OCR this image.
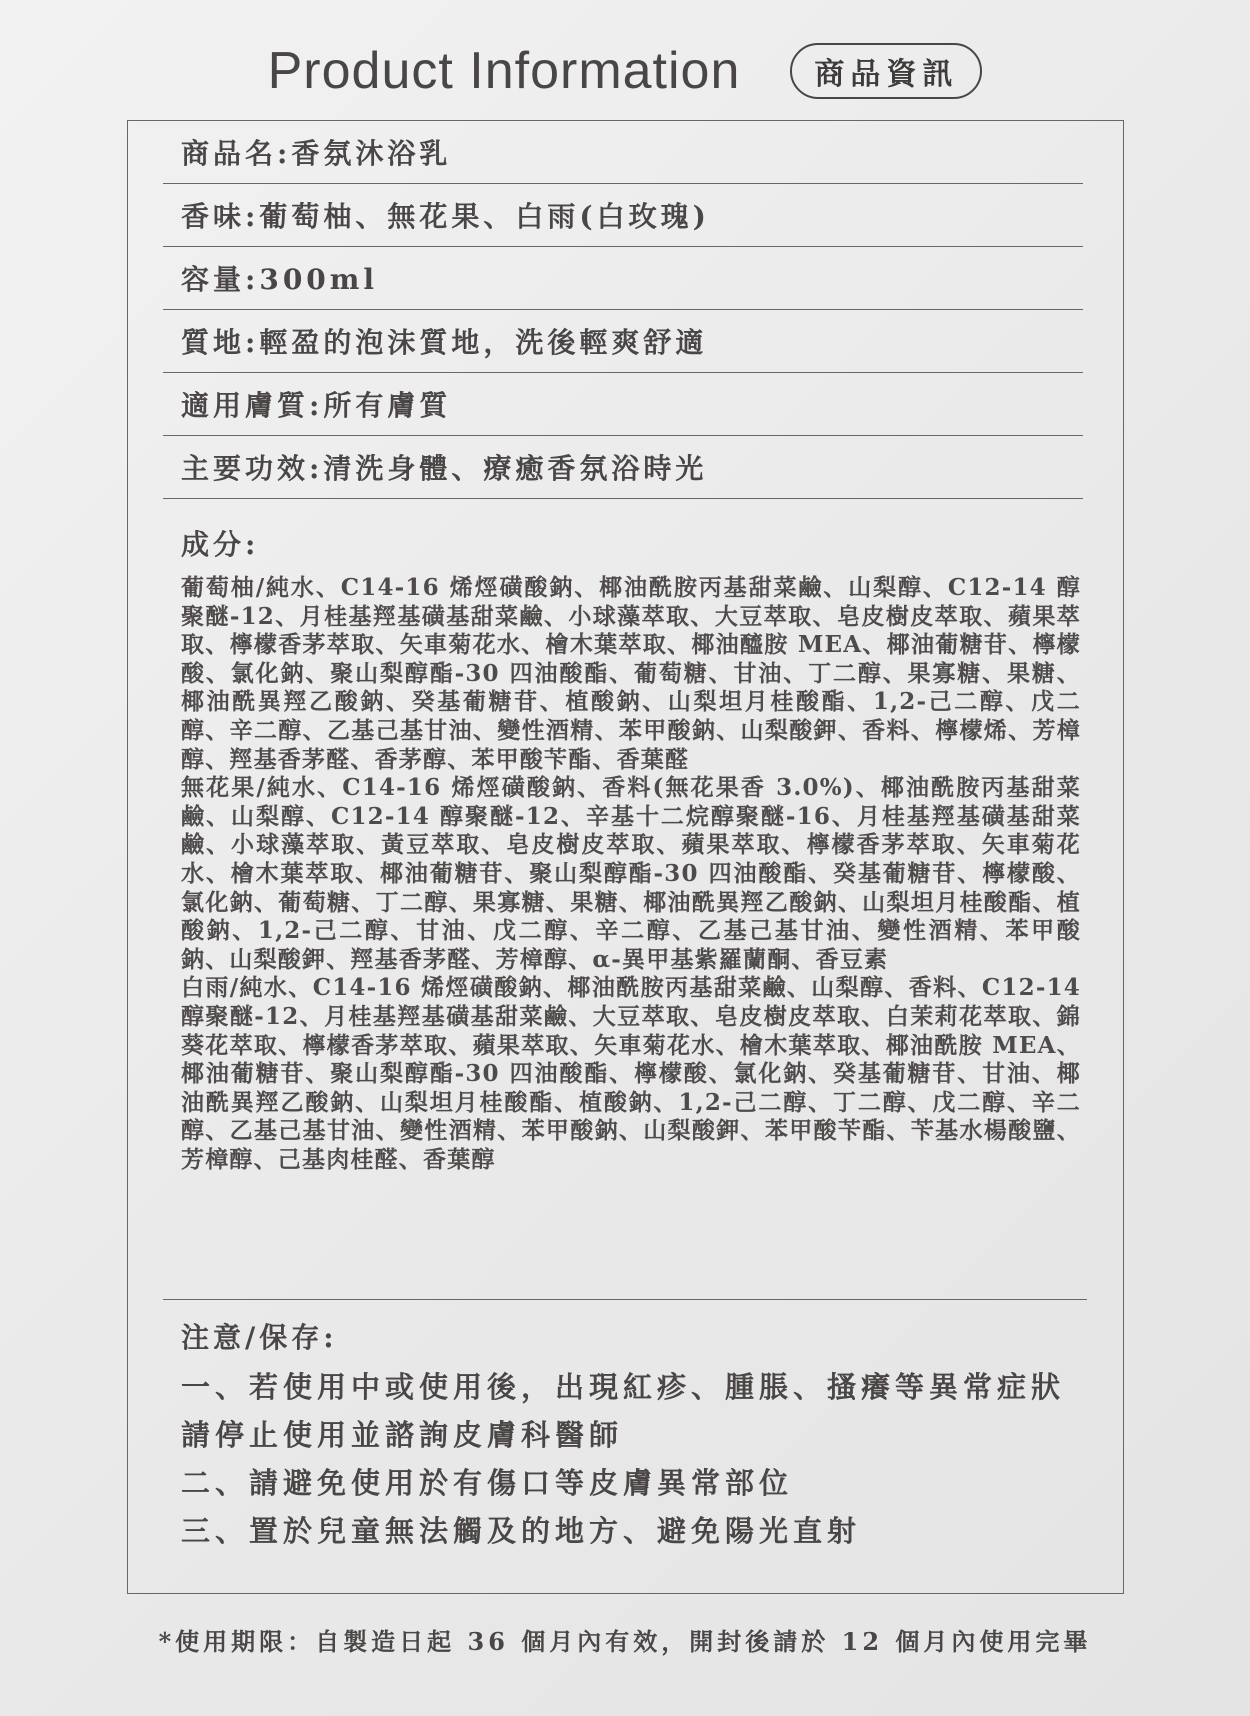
Product Information	商品資訊
商品名:香氛沐浴乳
香味:葡萄柚、無花果、白雨(白玫瑰)
容量:300ml
質地:輕盈的泡沫質地，洗後輕爽舒適
適用膚質:所有膚質
主要功效:清洗身體、療癒香氛浴時光
成分:
葡萄柚/純水、C14-16 烯烴磺酸鈉、椰油酰胺丙基甜菜鹼、山梨醇、C12-14 醇聚醚-12、月桂基羥基磺基甜菜鹼、小球藻萃取、大豆萃取、皂皮樹皮萃取、蘋果萃取、檸檬香茅萃取、矢車菊花水、檜木葉萃取、椰油醯胺 MEA、椰油葡糖苷、檸檬酸、氯化鈉、聚山梨醇酯-30 四油酸酯、葡萄糖、甘油、丁二醇、果寡糖、果糖、椰油酰異羥乙酸鈉、癸基葡糖苷、植酸鈉、山梨坦月桂酸酯、1,2-己二醇、戊二醇、辛二醇、乙基己基甘油、變性酒精、苯甲酸鈉、山梨酸鉀、香料、檸檬烯、芳樟醇、羥基香茅醛、香茅醇、苯甲酸苄酯、香葉醛
無花果/純水、C14-16 烯烴磺酸鈉、香料(無花果香 3.0%)、椰油酰胺丙基甜菜鹼、山梨醇、C12-14 醇聚醚-12、辛基十二烷醇聚醚-16、月桂基羥基磺基甜菜鹼、小球藻萃取、黃豆萃取、皂皮樹皮萃取、蘋果萃取、檸檬香茅萃取、矢車菊花水、檜木葉萃取、椰油葡糖苷、聚山梨醇酯-30 四油酸酯、癸基葡糖苷、檸檬酸、氯化鈉、葡萄糖、丁二醇、果寡糖、果糖、椰油酰異羥乙酸鈉、山梨坦月桂酸酯、植酸鈉、1,2-己二醇、甘油、戊二醇、辛二醇、乙基己基甘油、變性酒精、苯甲酸鈉、山梨酸鉀、羥基香茅醛、芳樟醇、α-異甲基紫羅蘭酮、香豆素
白雨/純水、C14-16 烯烴磺酸鈉、椰油酰胺丙基甜菜鹼、山梨醇、香料、C12-14 醇聚醚-12、月桂基羥基磺基甜菜鹼、大豆萃取、皂皮樹皮萃取、白茉莉花萃取、錦葵花萃取、檸檬香茅萃取、蘋果萃取、矢車菊花水、檜木葉萃取、椰油酰胺 MEA、椰油葡糖苷、聚山梨醇酯-30 四油酸酯、檸檬酸、氯化鈉、癸基葡糖苷、甘油、椰油酰異羥乙酸鈉、山梨坦月桂酸酯、植酸鈉、1,2-己二醇、丁二醇、戊二醇、辛二醇、乙基己基甘油、變性酒精、苯甲酸鈉、山梨酸鉀、苯甲酸苄酯、苄基水楊酸鹽、芳樟醇、己基肉桂醛、香葉醇
注意/保存:
一、若使用中或使用後，出現紅疹、腫脹、搔癢等異常症狀
請停止使用並諮詢皮膚科醫師
二、請避免使用於有傷口等皮膚異常部位
三、置於兒童無法觸及的地方、避免陽光直射
*使用期限：自製造日起 36 個月內有效，開封後請於 12 個月內使用完畢
